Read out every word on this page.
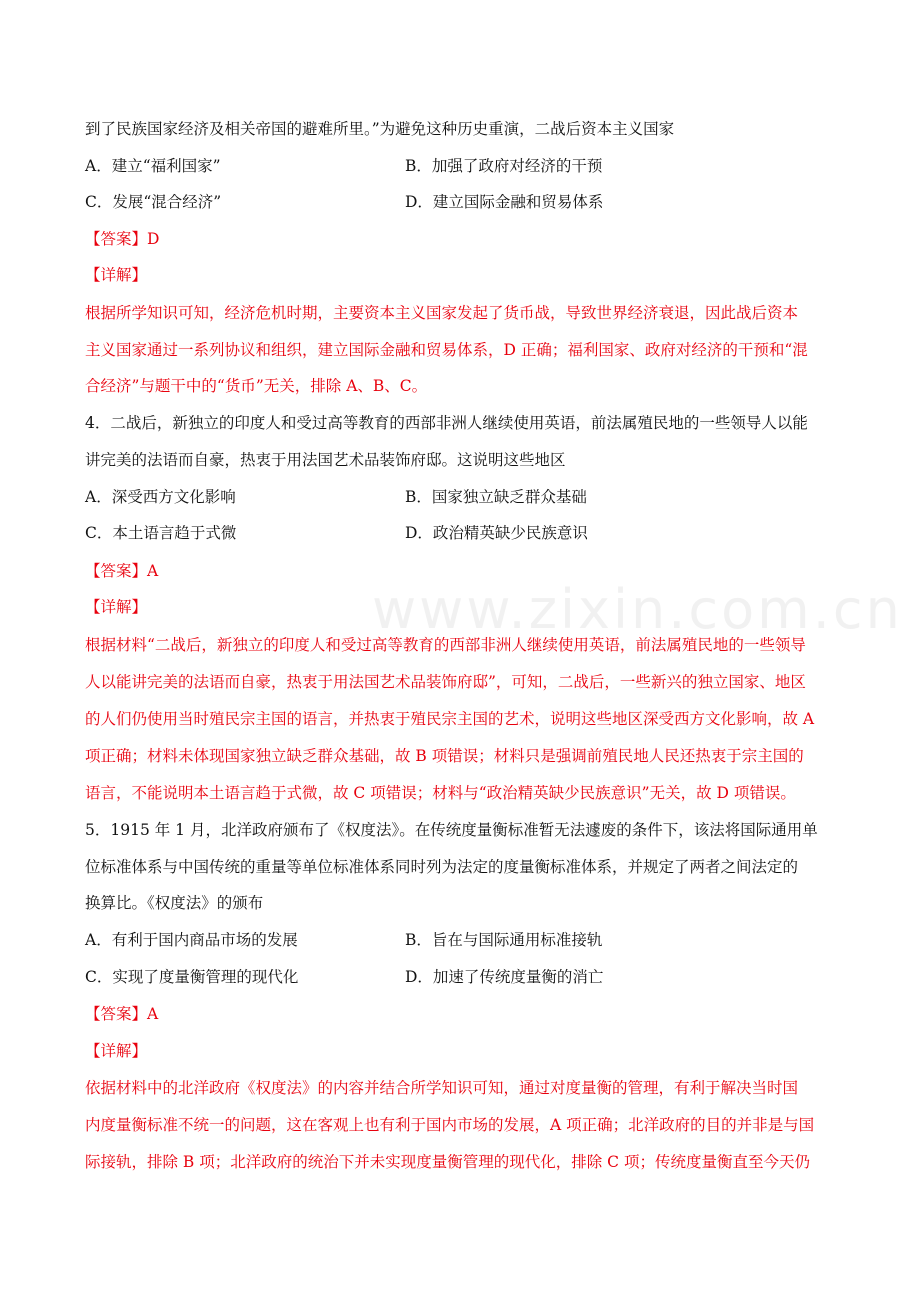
www.zixin.com.cn
到了民族国家经济及相关帝国的避难所里。”为避免这种历史重演，二战后资本主义国家
A．建立“福利国家”	B．加强了政府对经济的干预
C．发展“混合经济”	D．建立国际金融和贸易体系
【答案】D
【详解】
根据所学知识可知，经济危机时期，主要资本主义国家发起了货币战，导致世界经济衰退，因此战后资本
主义国家通过一系列协议和组织，建立国际金融和贸易体系，D 正确；福利国家、政府对经济的干预和“混
合经济”与题干中的“货币”无关，排除 A、B、C。
4．二战后，新独立的印度人和受过高等教育的西部非洲人继续使用英语，前法属殖民地的一些领导人以能
讲完美的法语而自豪，热衷于用法国艺术品装饰府邸。这说明这些地区
A．深受西方文化影响	B．国家独立缺乏群众基础
C．本土语言趋于式微	D．政治精英缺少民族意识
【答案】A
【详解】
根据材料“二战后，新独立的印度人和受过高等教育的西部非洲人继续使用英语，前法属殖民地的一些领导
人以能讲完美的法语而自豪，热衷于用法国艺术品装饰府邸”，可知，二战后，一些新兴的独立国家、地区
的人们仍使用当时殖民宗主国的语言，并热衷于殖民宗主国的艺术，说明这些地区深受西方文化影响，故 A
项正确；材料未体现国家独立缺乏群众基础，故 B 项错误；材料只是强调前殖民地人民还热衷于宗主国的
语言，不能说明本土语言趋于式微，故 C 项错误；材料与“政治精英缺少民族意识”无关，故 D 项错误。
5．1915 年 1 月，北洋政府颁布了《权度法》。在传统度量衡标准暂无法遽废的条件下，该法将国际通用单
位标准体系与中国传统的重量等单位标准体系同时列为法定的度量衡标准体系，并规定了两者之间法定的
换算比。《权度法》的颁布
A．有利于国内商品市场的发展	B．旨在与国际通用标准接轨
C．实现了度量衡管理的现代化	D．加速了传统度量衡的消亡
【答案】A
【详解】
依据材料中的北洋政府《权度法》的内容并结合所学知识可知，通过对度量衡的管理，有利于解决当时国
内度量衡标准不统一的问题，这在客观上也有利于国内市场的发展，A 项正确；北洋政府的目的并非是与国
际接轨，排除 B 项；北洋政府的统治下并未实现度量衡管理的现代化，排除 C 项；传统度量衡直至今天仍
